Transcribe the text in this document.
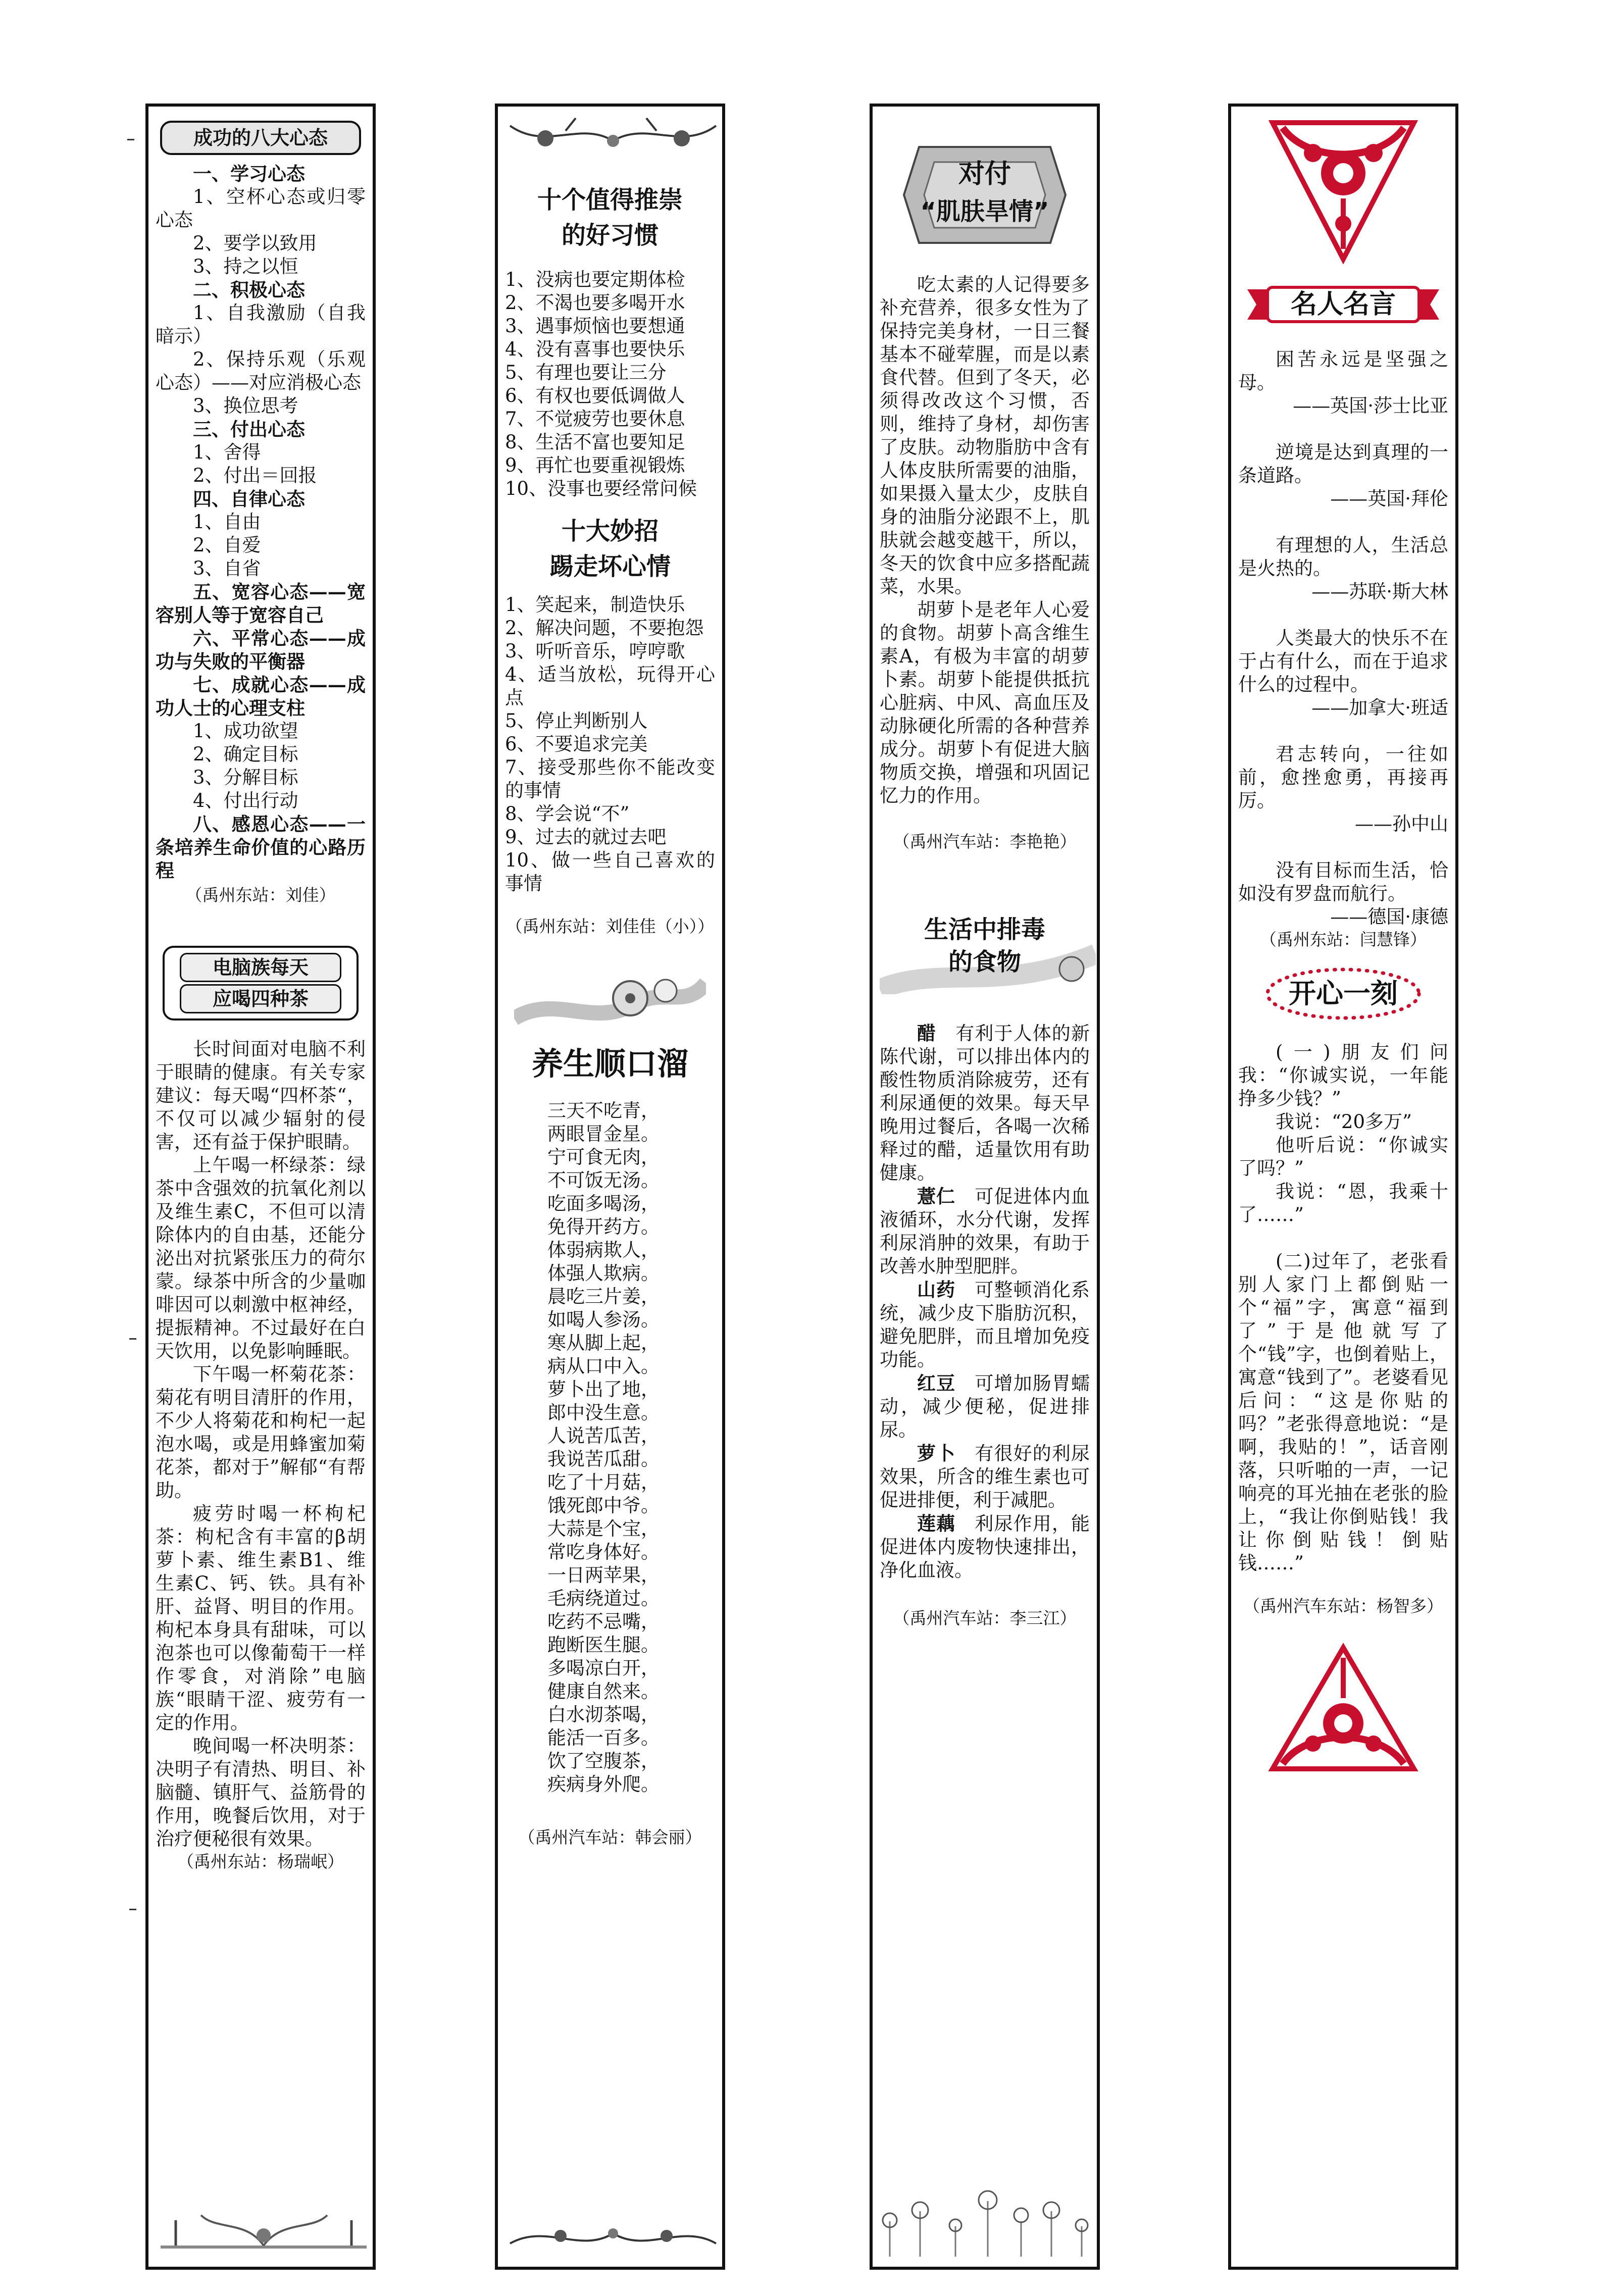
成功的八大心态

一、学习心态

1、空杯心态或归零心态

2、要学以致用

3、持之以恒

二、积极心态

1、自我激励（自我暗示）

2、保持乐观（乐观心态）——对应消极心态

3、换位思考

三、付出心态

1、舍得

2、付出＝回报

四、自律心态

1、自由

2、自爱

3、自省

五、宽容心态——宽容别人等于宽容自己

六、平常心态——成功与失败的平衡器

七、成就心态——成功人士的心理支柱

1、成功欲望

2、确定目标

3、分解目标

4、付出行动

八、感恩心态——一条培养生命价值的心路历程

（禹州东站：刘佳）

电脑族每天
应喝四种茶

长时间面对电脑不利于眼睛的健康。有关专家建议：每天喝“四杯茶“，不仅可以减少辐射的侵害，还有益于保护眼睛。

上午喝一杯绿茶：绿茶中含强效的抗氧化剂以及维生素C，不但可以清除体内的自由基，还能分泌出对抗紧张压力的荷尔蒙。绿茶中所含的少量咖啡因可以刺激中枢神经，提振精神。不过最好在白天饮用，以免影响睡眠。

下午喝一杯菊花茶：菊花有明目清肝的作用，不少人将菊花和枸杞一起泡水喝，或是用蜂蜜加菊花茶，都对于”解郁“有帮助。

疲劳时喝一杯枸杞茶：枸杞含有丰富的β胡萝卜素、维生素B1、维生素C、钙、铁。具有补肝、益肾、明目的作用。枸杞本身具有甜味，可以泡茶也可以像葡萄干一样作零食，对消除”电脑族“眼睛干涩、疲劳有一定的作用。

晚间喝一杯决明茶：决明子有清热、明目、补脑髓、镇肝气、益筋骨的作用，晚餐后饮用，对于治疗便秘很有效果。

（禹州东站：杨瑞岷）

十个值得推崇
的好习惯

1、没病也要定期体检

2、不渴也要多喝开水

3、遇事烦恼也要想通

4、没有喜事也要快乐

5、有理也要让三分

6、有权也要低调做人

7、不觉疲劳也要休息

8、生活不富也要知足

9、再忙也要重视锻炼

10、没事也要经常问候

十大妙招
踢走坏心情

1、笑起来，制造快乐

2、解决问题，不要抱怨

3、听听音乐，哼哼歌

4、适当放松，玩得开心点

5、停止判断别人

6、不要追求完美

7、接受那些你不能改变的事情

8、学会说“不”

9、过去的就过去吧

10、做一些自己喜欢的事情

（禹州东站：刘佳佳（小））

养生顺口溜

三天不吃青，

两眼冒金星。

宁可食无肉，

不可饭无汤。

吃面多喝汤，

免得开药方。

体弱病欺人，

体强人欺病。

晨吃三片姜，

如喝人参汤。

寒从脚上起，

病从口中入。

萝卜出了地，

郎中没生意。

人说苦瓜苦，

我说苦瓜甜。

吃了十月菇，

饿死郎中爷。

大蒜是个宝，

常吃身体好。

一日两苹果，

毛病绕道过。

吃药不忌嘴，

跑断医生腿。

多喝凉白开，

健康自然来。

白水沏茶喝，

能活一百多。

饮了空腹茶，

疾病身外爬。

（禹州汽车站：韩会丽）

对付
“肌肤旱情”

吃太素的人记得要多补充营养，很多女性为了保持完美身材，一日三餐基本不碰荤腥，而是以素食代替。但到了冬天，必须得改改这个习惯，否则，维持了身材，却伤害了皮肤。动物脂肪中含有人体皮肤所需要的油脂，如果摄入量太少，皮肤自身的油脂分泌跟不上，肌肤就会越变越干，所以，冬天的饮食中应多搭配蔬菜，水果。

胡萝卜是老年人心爱的食物。胡萝卜高含维生素A，有极为丰富的胡萝卜素。胡萝卜能提供抵抗心脏病、中风、高血压及动脉硬化所需的各种营养成分。胡萝卜有促进大脑物质交换，增强和巩固记忆力的作用。

（禹州汽车站：李艳艳）

生活中排毒
的食物

醋　 有利于人体的新陈代谢，可以排出体内的酸性物质消除疲劳，还有利尿通便的效果。每天早晚用过餐后，各喝一次稀释过的醋，适量饮用有助健康。

薏仁　 可促进体内血液循环，水分代谢，发挥利尿消肿的效果，有助于改善水肿型肥胖。

山药　 可整顿消化系统，减少皮下脂肪沉积，避免肥胖，而且增加免疫功能。

红豆　 可增加肠胃蠕动，减少便秘，促进排尿。

萝卜　 有很好的利尿效果，所含的维生素也可促进排便，利于减肥。

莲藕　 利尿作用，能促进体内废物快速排出，净化血液。

（禹州汽车站：李三江）

名人名言

困苦永远是坚强之母。

——英国·莎士比亚

逆境是达到真理的一条道路。

——英国·拜伦

有理想的人，生活总是火热的。

——苏联·斯大林

人类最大的快乐不在于占有什么，而在于追求什么的过程中。

——加拿大·班适

君志转向，一往如前，愈挫愈勇，再接再厉。

——孙中山

没有目标而生活，恰如没有罗盘而航行。

——德国·康德

（禹州东站：闫慧锋）

开心一刻

(一)朋友们问我：“你诚实说，一年能挣多少钱？”

我说：“20多万”

他听后说：“你诚实了吗？”

我说：“恩，我乘十了……”

(二)过年了，老张看别人家门上都倒贴一个“福”字，寓意“福到了”于是他就写了个“钱”字，也倒着贴上，寓意“钱到了”。老婆看见后问：“这是你贴的吗？”老张得意地说：“是啊，我贴的！”，话音刚落，只听啪的一声，一记响亮的耳光抽在老张的脸上，“我让你倒贴钱！我让你倒贴钱！倒贴钱……”

（禹州汽车东站：杨智多）
